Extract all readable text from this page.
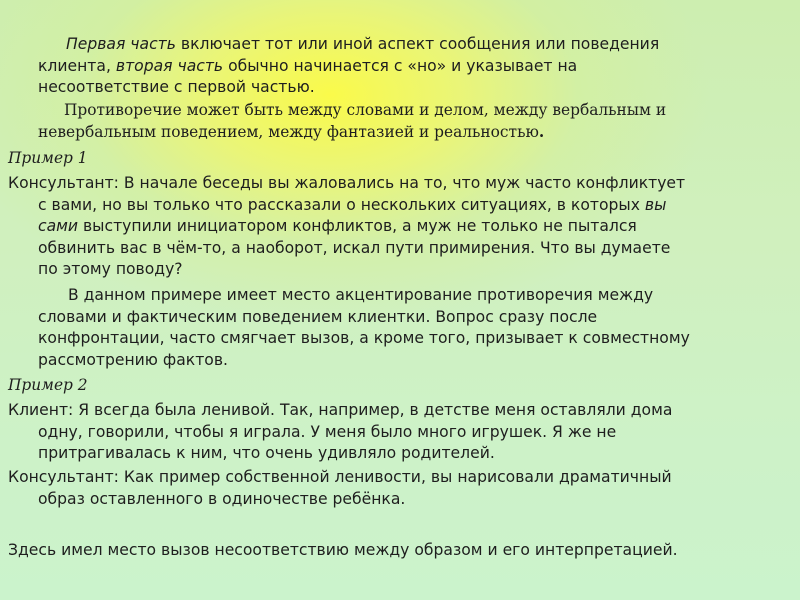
Первая часть включает тот или иной аспект сообщения или поведения
клиента, вторая часть обычно начинается с «но» и указывает на
несоответствие с первой частью.
Противоречие может быть между словами и делом, между вербальным и
невербальным поведением, между фантазией и реальностью.
Пример 1
Консультант: В начале беседы вы жаловались на то, что муж часто конфликтует
с вами, но вы только что рассказали о нескольких ситуациях, в которых вы
сами выступили инициатором конфликтов, а муж не только не пытался
обвинить вас в чём-то, а наоборот, искал пути примирения. Что вы думаете
по этому поводу?
В данном примере имеет место акцентирование противоречия между
словами и фактическим поведением клиентки. Вопрос сразу после
конфронтации, часто смягчает вызов, а кроме того, призывает к совместному
рассмотрению фактов.
Пример 2
Клиент: Я всегда была ленивой. Так, например, в детстве меня оставляли дома
одну, говорили, чтобы я играла. У меня было много игрушек. Я же не
притрагивалась к ним, что очень удивляло родителей.
Консультант: Как пример собственной ленивости, вы нарисовали драматичный
образ оставленного в одиночестве ребёнка.
Здесь имел место вызов несоответствию между образом и его интерпретацией.
